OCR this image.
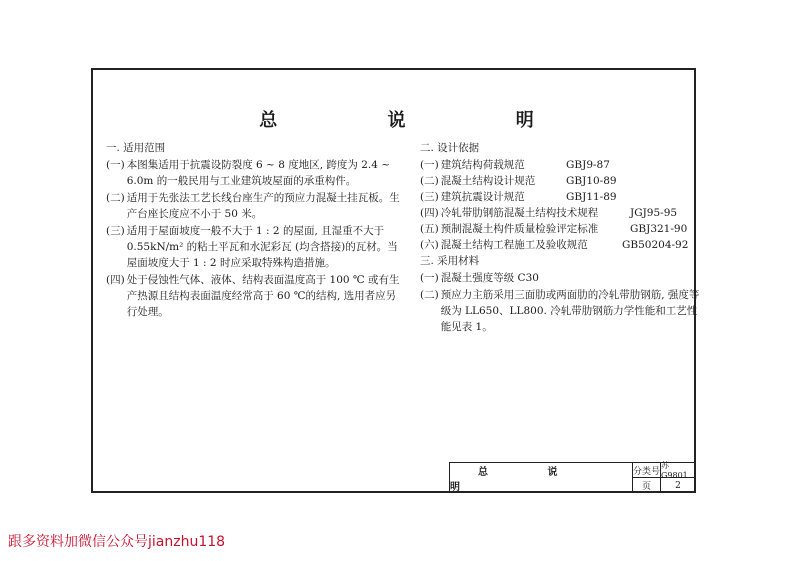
总 说 明
一. 适用范围
(一) 本图集适用于抗震设防裂度 6 ~ 8 度地区, 跨度为 2.4 ~ 6.0m 的一般民用与工业建筑坡屋面的承重构件。
(二) 适用于先张法工艺长线台座生产的预应力混凝土挂瓦板。生产台座长度应不小于 50 米。
(三) 适用于屋面坡度一般不大于 1 : 2 的屋面, 且湿重不大于 0.55kN/m² 的粘土平瓦和水泥彩瓦 (均含搭接)的瓦材。当屋面坡度大于 1 : 2 时应采取特殊构造措施。
(四) 处于侵蚀性气体、液体、结构表面温度高于 100 ℃ 或有生产热源且结构表面温度经常高于 60 ℃的结构, 选用者应另行处理。
二. 设计依据
(一) 建筑结构荷载规范	GBJ9-87
(二) 混凝土结构设计规范	GBJ10-89
(三) 建筑抗震设计规范	GBJ11-89
(四) 冷轧带肋钢筋混凝土结构技术规程	JGJ95-95
(五) 预制混凝土构件质量检验评定标准	GBJ321-90
(六) 混凝土结构工程施工及验收规范	GB50204-92
三. 采用材料
(一) 混凝土强度等级 C30
(二) 预应力主筋采用三面肋或两面肋的冷轧带肋钢筋, 强度等级为 LL650、LL800. 冷轧带肋钢筋力学性能和工艺性能见表 1。
总 说 明
分类号
苏G9801
页	2
跟多资料加微信公众号jianzhu118
